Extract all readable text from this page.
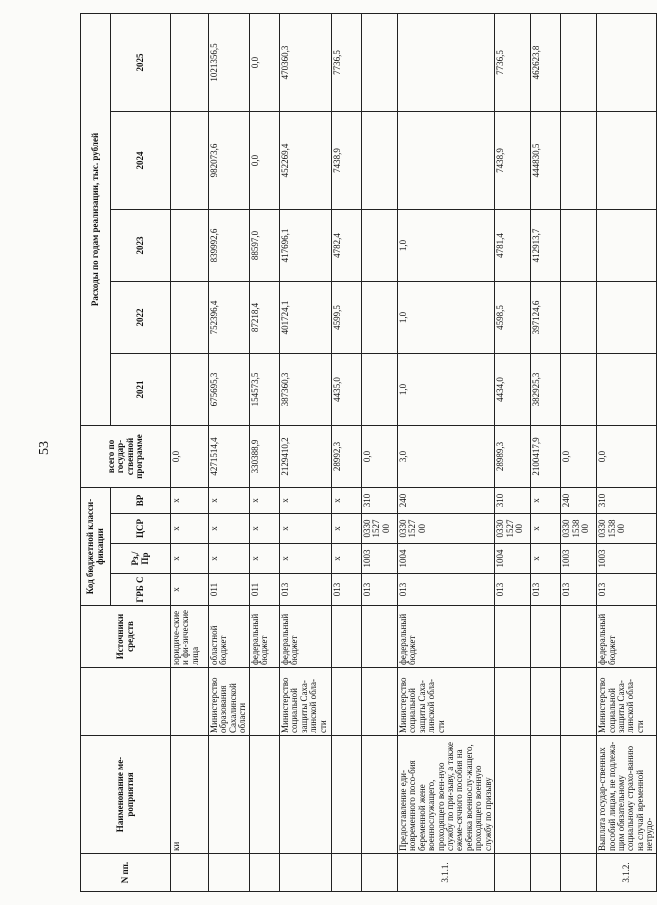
53
N пп.	Наименование ме-роприятия		Источники средств	Код бюджетной класси-фикации				всего по государ-ственной программе	Расходы по годам реализации, тыс. рублей				
				ГРБ С	Рз,/ Пр	ЦСР	ВР		2021	2022	2023	2024	2025

	ки		юридиче-ские и фи-зические лица	x	x	x	x	0,0					
		Министерство образования Сахалинской области	областной бюджет	011	x	x	x	4271514,4	675695,3	752396,4	839992,6	982073,6	1021356,5
			федеральный бюджет	011	x	x	x	330388,9	154573,5	87218,4	88597,0	0,0	0,0
		Министерство социальной защиты Саха-линской обла-сти	федеральный бюджет	013	x	x	x	2129410,2	387360,3	401724,1	417696,1	452269,4	470360,3
				013	x	x	x	28992,3	4435,0	4599,5	4782,4	7438,9	7736,5
				013	1003	0330 1527 00	310	0,0					
3.1.1.	Предоставление еди-новременного посо-бия беременной жене военнослужащего, проходящего воен-ную службу по при-зыву, а также ежеме-сячного пособия на ребенка военнослу-жащего, проходящего военную службу по призыву	Министерство социальной защиты Саха-линской обла-сти	федеральный бюджет	013	1004	0330 1527 00	240	3,0	1,0	1,0	1,0		
				013	1004	0330 1527 00	310	28989,3	4434,0	4598,5	4781,4	7438,9	7736,5
				013	x	x	x	2100417,9	382925,3	397124,6	412913,7	444830,5	462623,8
				013	1003	0330 1538 00	240	0,0					
3.1.2.	Выплата государ-ственных пособий лицам, не подлежа-щим обязательному социальному страхо-ванию на случай временной нетрудо-	Министерство социальной защиты Саха-линской обла-сти	федеральный бюджет	013	1003	0330 1538 00	310	0,0					
